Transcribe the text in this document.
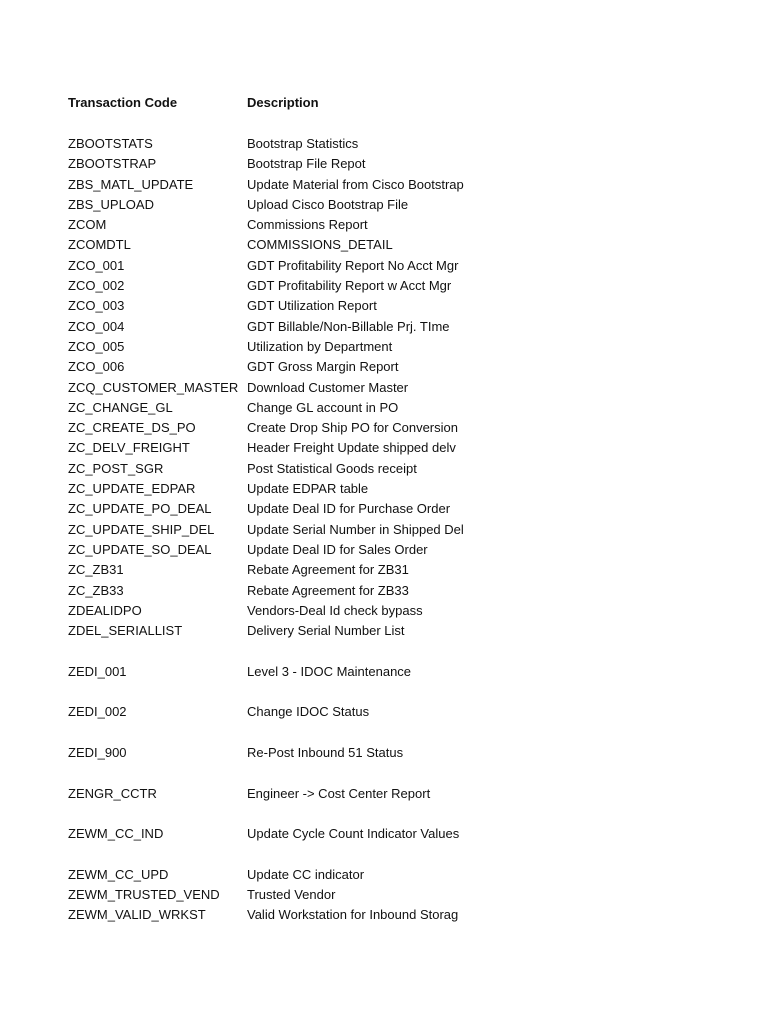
Transaction Code	Description
ZBOOTSTATS	Bootstrap Statistics
ZBOOTSTRAP	Bootstrap File Repot
ZBS_MATL_UPDATE	Update Material from Cisco Bootstrap
ZBS_UPLOAD	Upload Cisco Bootstrap File
ZCOM	Commissions Report
ZCOMDTL	COMMISSIONS_DETAIL
ZCO_001	GDT Profitability Report No Acct Mgr
ZCO_002	GDT Profitability Report w Acct Mgr
ZCO_003	GDT Utilization Report
ZCO_004	GDT Billable/Non-Billable Prj. TIme
ZCO_005	Utilization by Department
ZCO_006	GDT Gross Margin Report
ZCQ_CUSTOMER_MASTER Download Customer Master
ZC_CHANGE_GL	Change GL account in PO
ZC_CREATE_DS_PO	Create Drop Ship PO for Conversion
ZC_DELV_FREIGHT	Header Freight Update shipped delv
ZC_POST_SGR	Post Statistical Goods receipt
ZC_UPDATE_EDPAR	Update EDPAR table
ZC_UPDATE_PO_DEAL	Update Deal ID for Purchase Order
ZC_UPDATE_SHIP_DEL	Update Serial Number in Shipped Del
ZC_UPDATE_SO_DEAL	Update Deal ID for Sales Order
ZC_ZB31	Rebate Agreement for ZB31
ZC_ZB33	Rebate Agreement for ZB33
ZDEALIDPO	Vendors-Deal Id check bypass
ZDEL_SERIALLIST	Delivery Serial Number List
ZEDI_001	Level 3 - IDOC Maintenance
ZEDI_002	Change IDOC Status
ZEDI_900	Re-Post Inbound 51 Status
ZENGR_CCTR	Engineer -> Cost Center Report
ZEWM_CC_IND	Update Cycle Count Indicator Values
ZEWM_CC_UPD	Update CC indicator
ZEWM_TRUSTED_VEND	Trusted Vendor
ZEWM_VALID_WRKST	Valid Workstation for Inbound Storag
